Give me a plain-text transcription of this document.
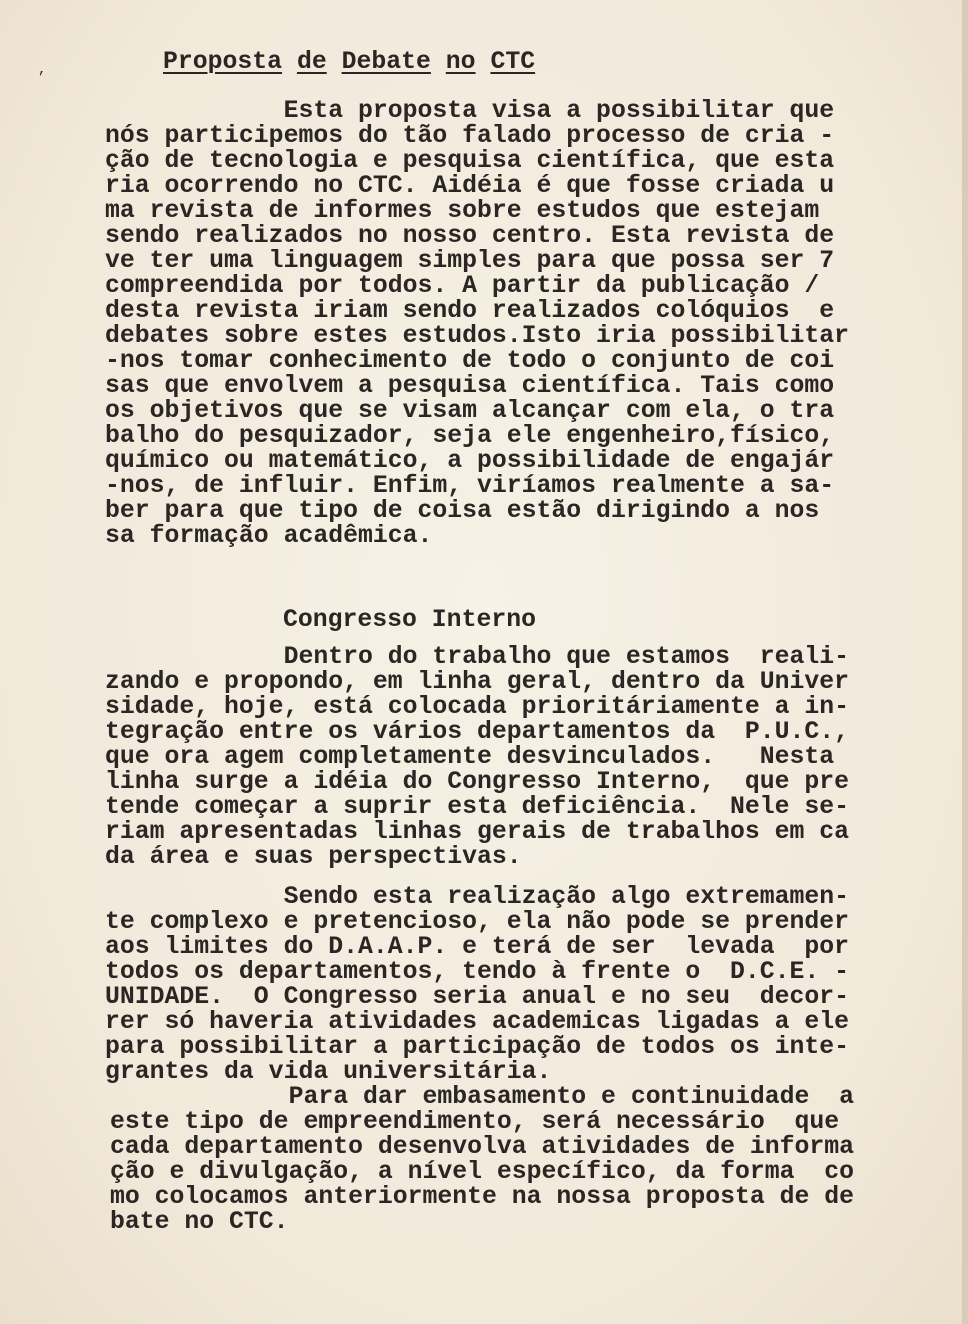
,	Proposta de Debate no CTC
Esta proposta visa a possibilitar que
nós participemos do tão falado processo de cria -
ção de tecnologia e pesquisa científica, que esta
ria ocorrendo no CTC. Aidéia é que fosse criada u
ma revista de informes sobre estudos que estejam
sendo realizados no nosso centro. Esta revista de
ve ter uma linguagem simples para que possa ser 7
compreendida por todos. A partir da publicação /
desta revista iriam sendo realizados colóquios  e
debates sobre estes estudos.Isto iria possibilitar
-nos tomar conhecimento de todo o conjunto de coi
sas que envolvem a pesquisa científica. Tais como
os objetivos que se visam alcançar com ela, o tra
balho do pesquizador, seja ele engenheiro,físico,
químico ou matemático, a possibilidade de engajár
-nos, de influir. Enfim, viríamos realmente a sa-
ber para que tipo de coisa estão dirigindo a nos
sa formação acadêmica.
Congresso Interno
Dentro do trabalho que estamos  reali-
zando e propondo, em linha geral, dentro da Univer
sidade, hoje, está colocada prioritáriamente a in-
tegração entre os vários departamentos da  P.U.C.,
que ora agem completamente desvinculados.   Nesta
linha surge a idéia do Congresso Interno,  que pre
tende começar a suprir esta deficiência.  Nele se-
riam apresentadas linhas gerais de trabalhos em ca
da área e suas perspectivas.
Sendo esta realização algo extremamen-
te complexo e pretencioso, ela não pode se prender
aos limites do D.A.A.P. e terá de ser  levada  por
todos os departamentos, tendo à frente o  D.C.E. -
UNIDADE.  O Congresso seria anual e no seu  decor-
rer só haveria atividades academicas ligadas a ele
para possibilitar a participação de todos os inte-
grantes da vida universitária.
Para dar embasamento e continuidade  a
este tipo de empreendimento, será necessário  que
cada departamento desenvolva atividades de informa
ção e divulgação, a nível específico, da forma  co
mo colocamos anteriormente na nossa proposta de de
bate no CTC.
